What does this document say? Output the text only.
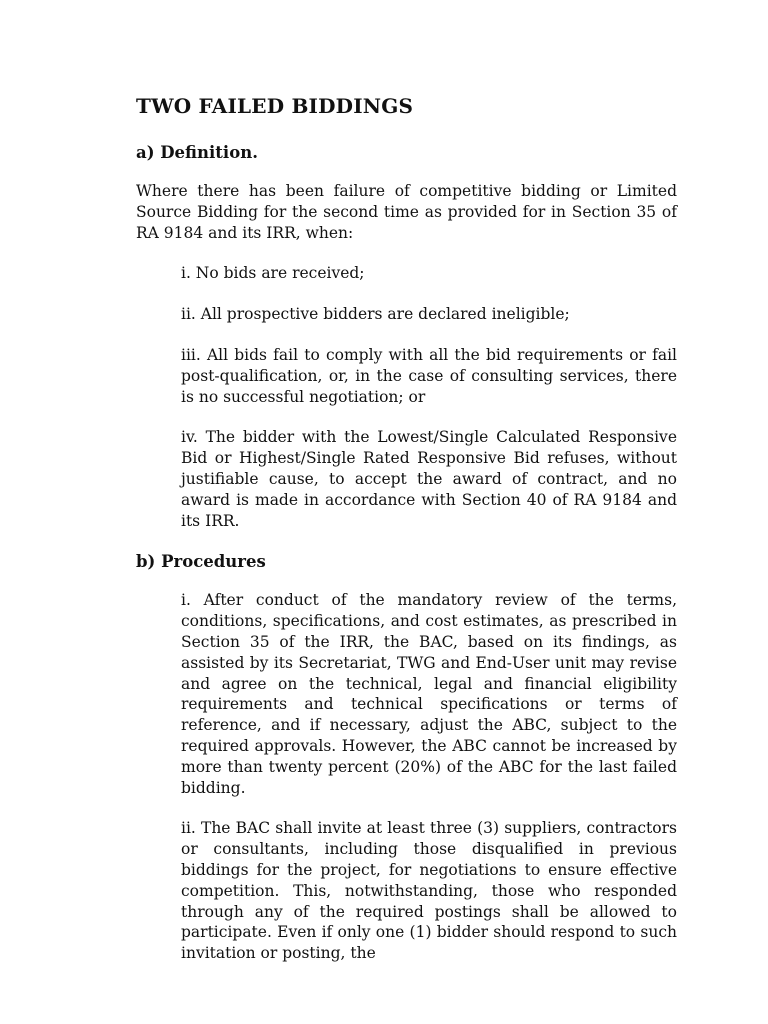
TWO FAILED BIDDINGS
a) Definition.

Where there has been failure of competitive bidding or Limited Source Bidding for the second time as provided for in Section 35 of RA 9184 and its IRR, when:

i. No bids are received;

ii. All prospective bidders are declared ineligible;

iii. All bids fail to comply with all the bid requirements or fail post-qualification, or, in the case of consulting services, there is no successful negotiation; or

iv. The bidder with the Lowest/Single Calculated Responsive Bid or Highest/Single Rated Responsive Bid refuses, without justifiable cause, to accept the award of contract, and no award is made in accordance with Section 40 of RA 9184 and its IRR.

b) Procedures

i. After conduct of the mandatory review of the terms, conditions, specifications, and cost estimates, as prescribed in Section 35 of the IRR, the BAC, based on its findings, as assisted by its Secretariat, TWG and End-User unit may revise and agree on the technical, legal and financial eligibility requirements and technical specifications or terms of reference, and if necessary, adjust the ABC, subject to the required approvals. However, the ABC cannot be increased by more than twenty percent (20%) of the ABC for the last failed bidding.

ii. The BAC shall invite at least three (3) suppliers, contractors or consultants, including those disqualified in previous biddings for the project, for negotiations to ensure effective competition. This, notwithstanding, those who responded through any of the required postings shall be allowed to participate. Even if only one (1) bidder should respond to such invitation or posting, the
